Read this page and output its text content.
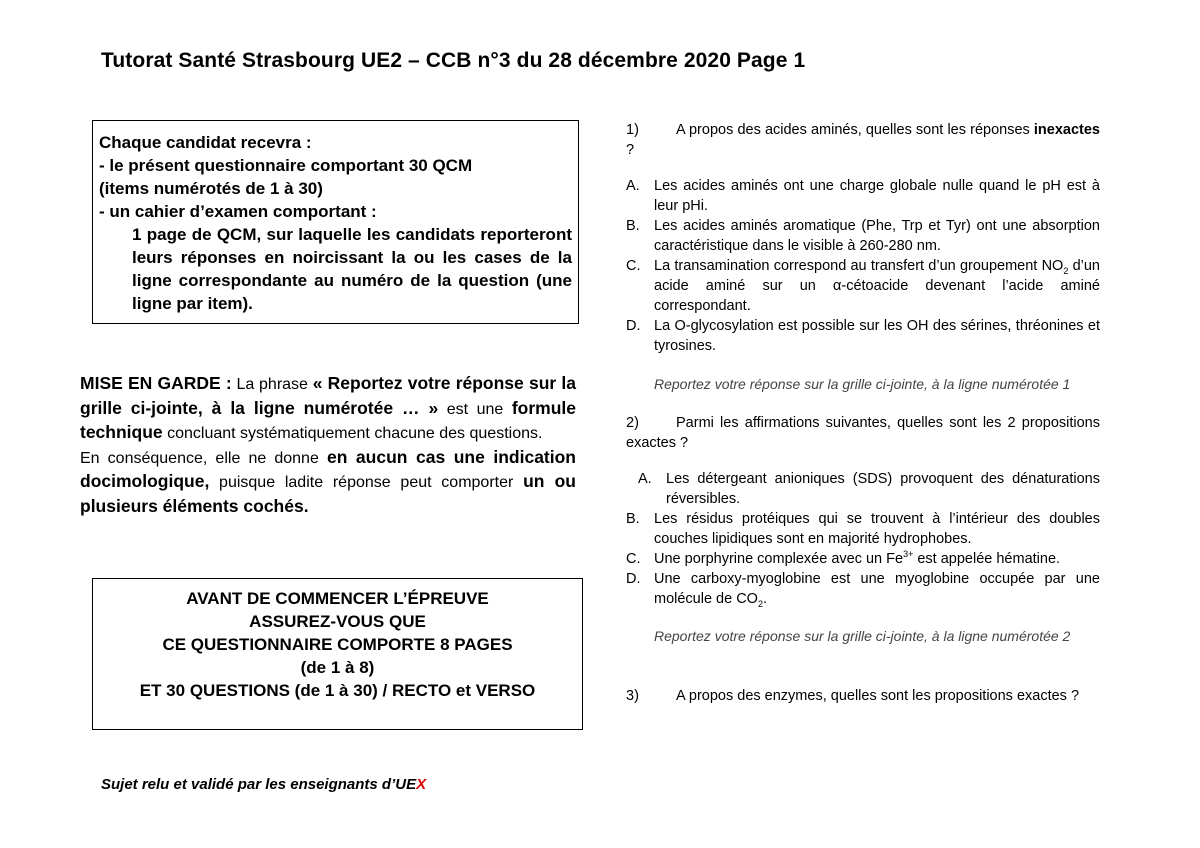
Tutorat Santé Strasbourg UE2 – CCB n°3 du 28 décembre 2020 Page 1
Chaque candidat recevra :
- le présent questionnaire comportant 30 QCM
(items numérotés de 1 à 30)
- un cahier d’examen comportant :
1 page de QCM, sur laquelle les candidats reporteront leurs réponses en noircissant la ou les cases de la ligne correspondante au numéro de la question (une ligne par item).
MISE EN GARDE : La phrase « Reportez votre réponse sur la grille ci-jointe, à la ligne numérotée … » est une formule technique concluant systématiquement chacune des questions.
En conséquence, elle ne donne en aucun cas une indication docimologique, puisque ladite réponse peut comporter un ou plusieurs éléments cochés.
AVANT DE COMMENCER L’ÉPREUVE
ASSUREZ-VOUS QUE
CE QUESTIONNAIRE COMPORTE 8 PAGES
(de 1 à 8)
ET 30 QUESTIONS (de 1 à 30) / RECTO et VERSO
Sujet relu et validé par les enseignants d’UEX
1)	A propos des acides aminés, quelles sont les réponses inexactes ?
A. Les acides aminés ont une charge globale nulle quand le pH est à leur pHi.
B. Les acides aminés aromatique (Phe, Trp et Tyr) ont une absorption caractéristique dans le visible à 260-280 nm.
C. La transamination correspond au transfert d’un groupement $NO_2$ d’un acide aminé sur un α-cétoacide devenant l’acide aminé correspondant.
D. La O-glycosylation est possible sur les OH des sérines, thréonines et tyrosines.
Reportez votre réponse sur la grille ci-jointe, à la ligne numérotée 1
2)	Parmi les affirmations suivantes, quelles sont les 2 propositions exactes ?
A. Les détergeant anioniques (SDS) provoquent des dénaturations réversibles.
B. Les résidus protéiques qui se trouvent à l’intérieur des doubles couches lipidiques sont en majorité hydrophobes.
C. Une porphyrine complexée avec un $Fe^{3+}$ est appelée hématine.
D. Une carboxy-myoglobine est une myoglobine occupée par une molécule de $CO_2$.
Reportez votre réponse sur la grille ci-jointe, à la ligne numérotée 2
3)	A propos des enzymes, quelles sont les propositions exactes ?
